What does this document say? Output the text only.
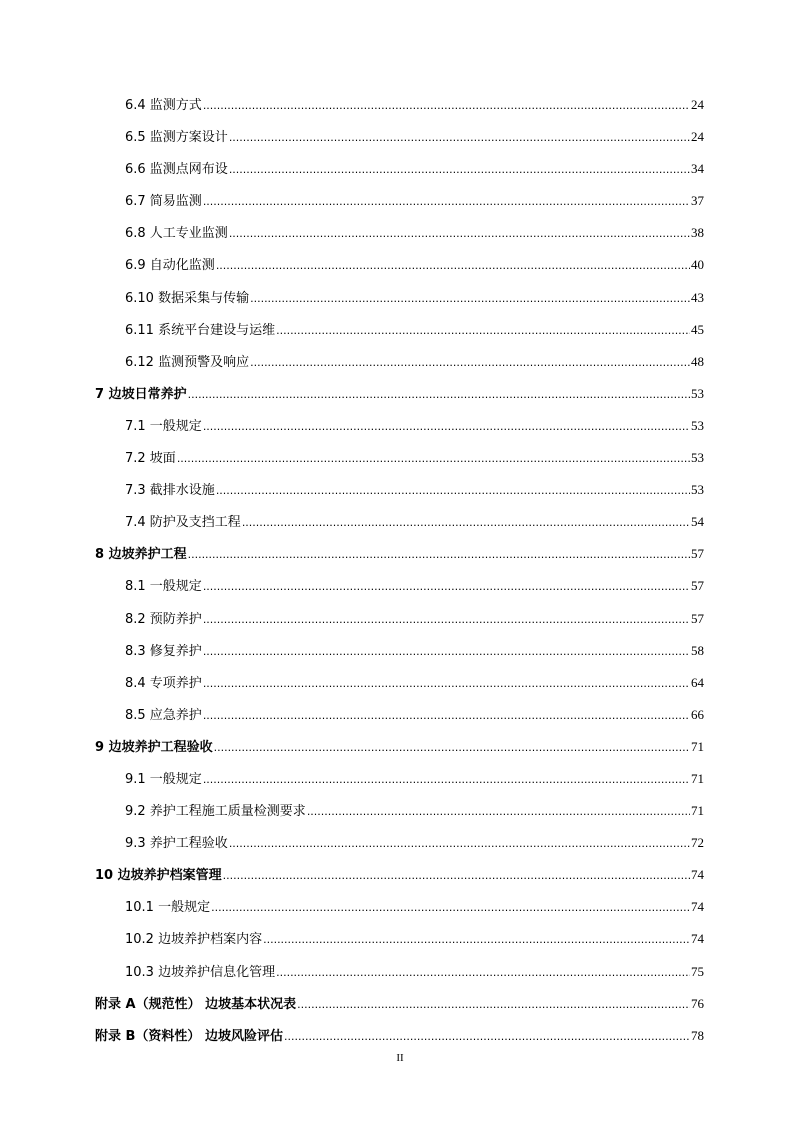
6.4 监测方式 .....	24
6.5 监测方案设计 .....	24
6.6 监测点网布设 .....	34
6.7 简易监测 .....	37
6.8 人工专业监测 .....	38
6.9 自动化监测 .....	40
6.10 数据采集与传输 .....	43
6.11 系统平台建设与运维 .....	45
6.12 监测预警及响应 .....	48
7 边坡日常养护 .....	53
7.1 一般规定 .....	53
7.2 坡面 .....	53
7.3 截排水设施 .....	53
7.4 防护及支挡工程 .....	54
8 边坡养护工程 .....	57
8.1 一般规定 .....	57
8.2 预防养护 .....	57
8.3 修复养护 .....	58
8.4 专项养护 .....	64
8.5 应急养护 .....	66
9 边坡养护工程验收 .....	71
9.1 一般规定 .....	71
9.2 养护工程施工质量检测要求 .....	71
9.3 养护工程验收 .....	72
10 边坡养护档案管理 .....	74
10.1 一般规定 .....	74
10.2 边坡养护档案内容 .....	74
10.3 边坡养护信息化管理 .....	75
附录 A（规范性） 边坡基本状况表 .....	76
附录 B（资料性） 边坡风险评估 .....	78
II
